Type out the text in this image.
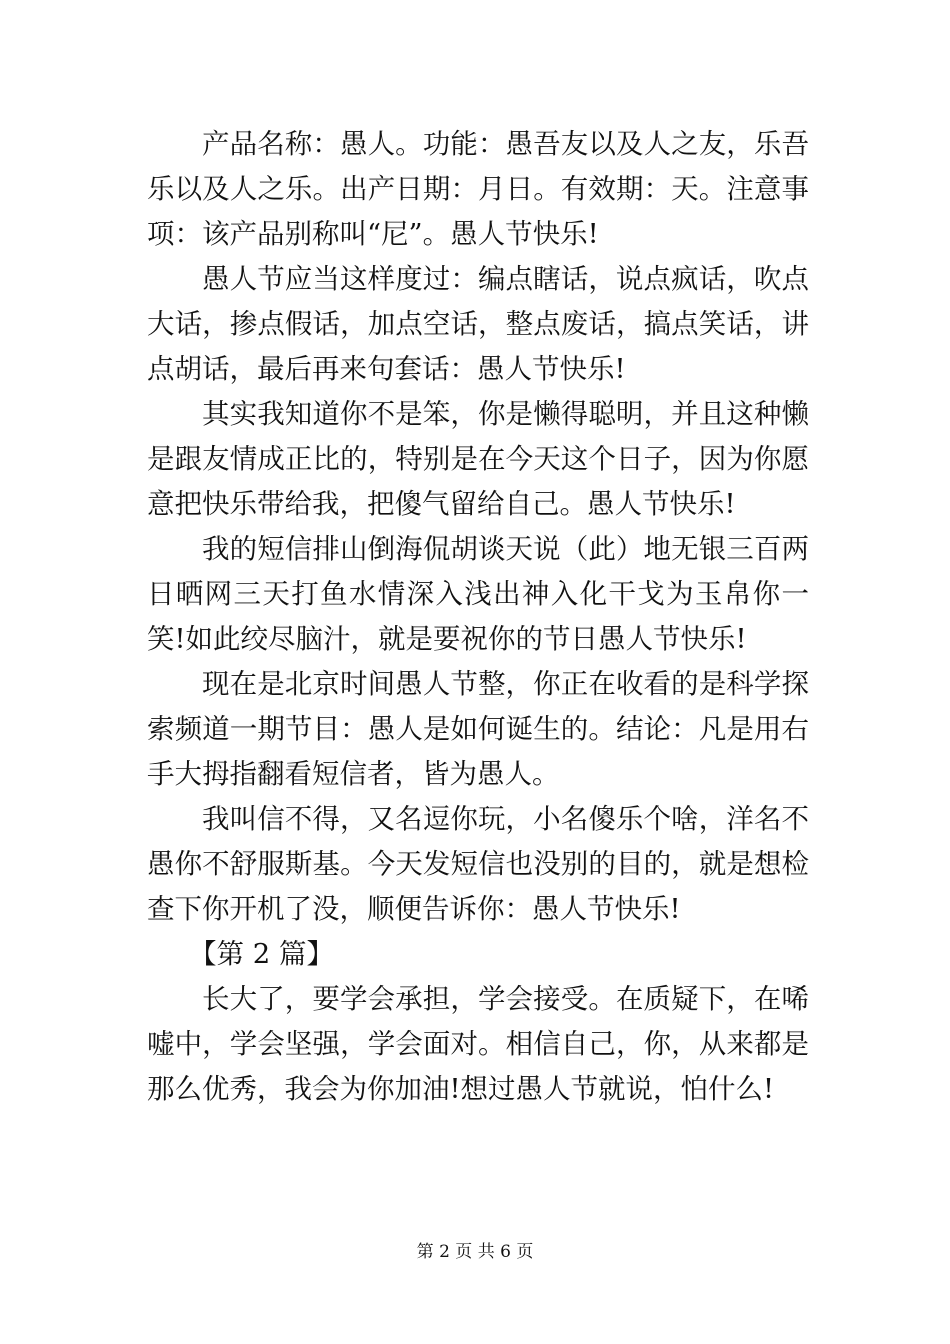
产品名称：愚人。功能：愚吾友以及人之友，乐吾乐以及人之乐。出产日期：月日。有效期：天。注意事项：该产品别称叫“尼”。愚人节快乐!

愚人节应当这样度过：编点瞎话，说点疯话，吹点大话，掺点假话，加点空话，整点废话，搞点笑话，讲点胡话，最后再来句套话：愚人节快乐!

其实我知道你不是笨，你是懒得聪明，并且这种懒是跟友情成正比的，特别是在今天这个日子，因为你愿意把快乐带给我，把傻气留给自己。愚人节快乐!

我的短信排山倒海侃胡谈天说（此）地无银三百两日晒网三天打鱼水情深入浅出神入化干戈为玉帛你一笑!如此绞尽脑汁，就是要祝你的节日愚人节快乐!

现在是北京时间愚人节整，你正在收看的是科学探索频道一期节目：愚人是如何诞生的。结论：凡是用右手大拇指翻看短信者，皆为愚人。

我叫信不得，又名逗你玩，小名傻乐个啥，洋名不愚你不舒服斯基。今天发短信也没别的目的，就是想检查下你开机了没，顺便告诉你：愚人节快乐!

【第 2 篇】

长大了，要学会承担，学会接受。在质疑下，在唏嘘中，学会坚强，学会面对。相信自己，你，从来都是那么优秀，我会为你加油!想过愚人节就说，怕什么!

第 2 页 共 6 页
